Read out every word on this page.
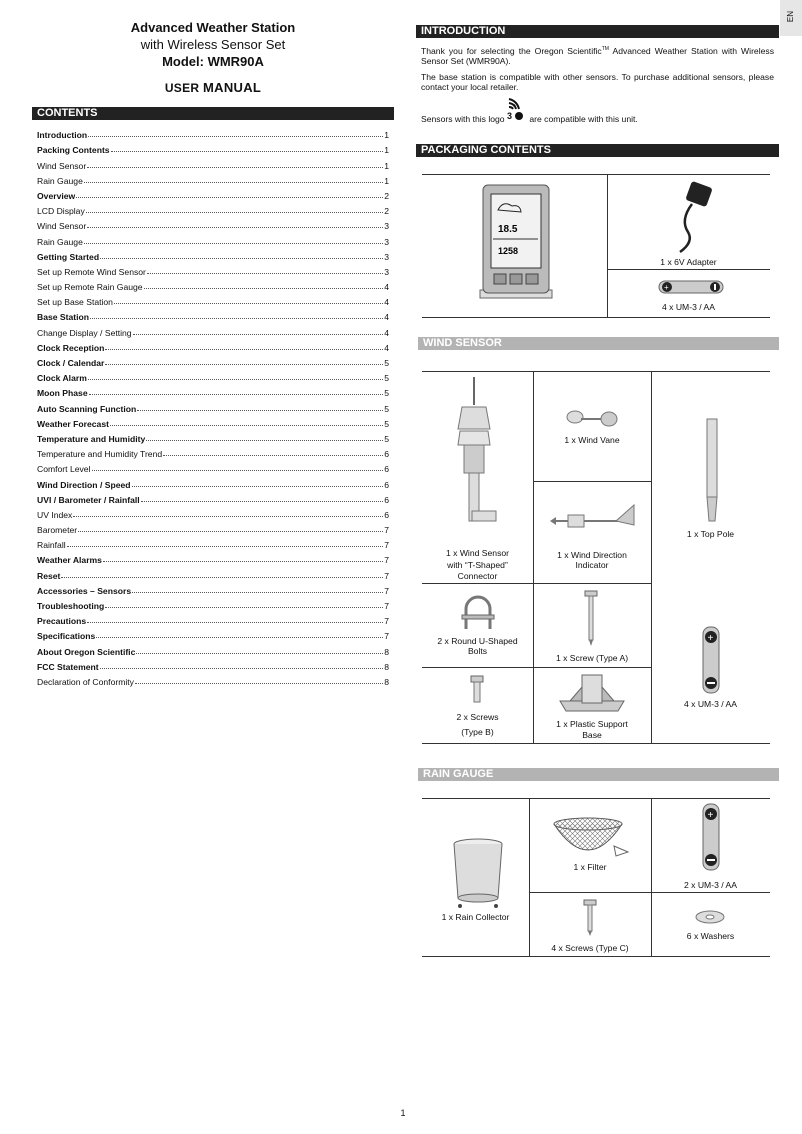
EN
Advanced Weather Station
with Wireless Sensor Set
Model: WMR90A
USER MANUAL
CONTENTS
Introduction	1
Packing Contents	1
Wind Sensor	1
Rain Gauge	1
Overview	2
LCD Display	2
Wind Sensor	3
Rain Gauge	3
Getting Started	3
Set up Remote Wind Sensor	3
Set up Remote Rain Gauge	4
Set up Base Station	4
Base Station	4
Change Display / Setting	4
Clock Reception	4
Clock / Calendar	5
Clock Alarm	5
Moon Phase	5
Auto Scanning Function	5
Weather Forecast	5
Temperature and Humidity	5
Temperature and Humidity Trend	6
Comfort Level	6
Wind Direction / Speed	6
UVI / Barometer / Rainfall	6
UV Index	6
Barometer	7
Rainfall	7
Weather Alarms	7
Reset	7
Accessories – Sensors	7
Troubleshooting	7
Precautions	7
Specifications	7
About Oregon Scientific	8
FCC Statement	8
Declaration of Conformity	8
INTRODUCTION
Thank you for selecting the Oregon Scientific™ Advanced Weather Station with Wireless Sensor Set (WMR90A).
The base station is compatible with other sensors. To purchase additional sensors, please contact your local retailer.
Sensors with this logo 3 are compatible with this unit.
PACKAGING CONTENTS
18.5
1258
1 x 6V Adapter
+
4 x UM-3 / AA
WIND SENSOR
1 x Wind Sensor
with “T-Shaped”
Connector
1 x Wind Vane
1 x Wind Direction
Indicator
1 x Top Pole
2 x Round U-Shaped
Bolts
1 x Screw (Type A)
+
4 x UM-3 / AA
2 x Screws
(Type B)
1 x Plastic Support
Base
RAIN GAUGE
1 x Rain Collector
1 x Filter
+
2 x UM-3 / AA
4 x Screws (Type C)
6 x Washers
1
